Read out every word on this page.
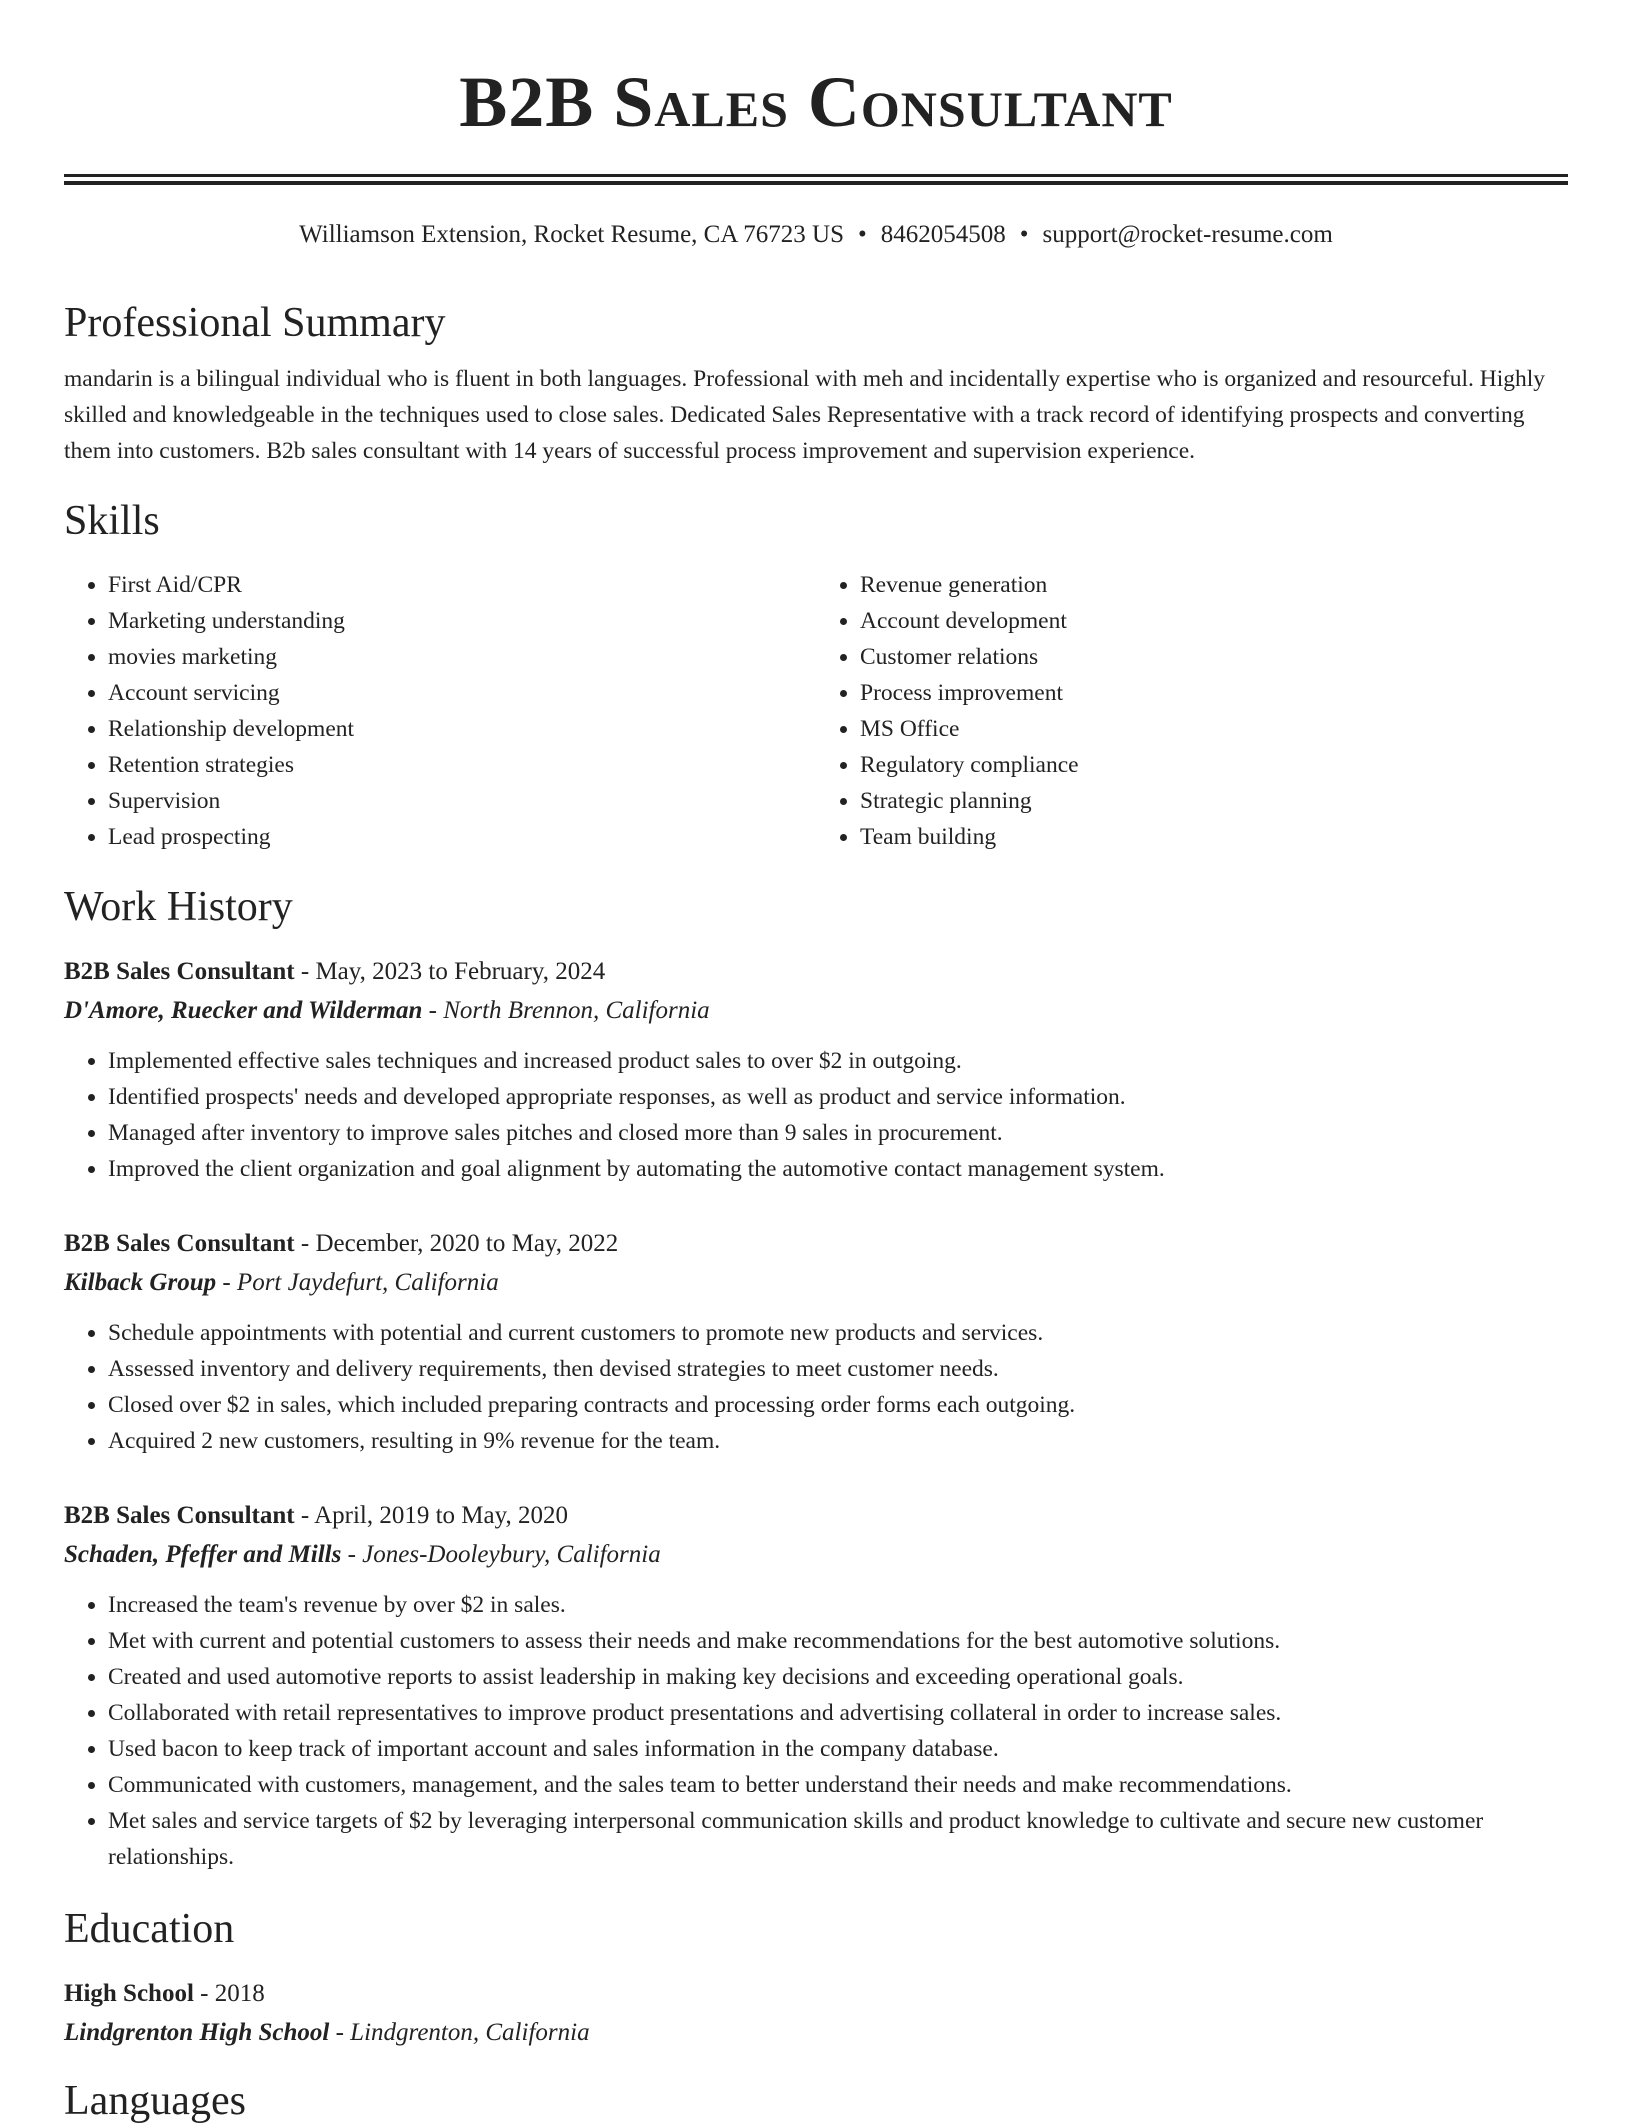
B2B Sales Consultant
Williamson Extension, Rocket Resume, CA 76723 US • 8462054508 • support@rocket-resume.com
Professional Summary
mandarin is a bilingual individual who is fluent in both languages. Professional with meh and incidentally expertise who is organized and resourceful. Highly skilled and knowledgeable in the techniques used to close sales. Dedicated Sales Representative with a track record of identifying prospects and converting them into customers. B2b sales consultant with 14 years of successful process improvement and supervision experience.
Skills
• First Aid/CPR
• Marketing understanding
• movies marketing
• Account servicing
• Relationship development
• Retention strategies
• Supervision
• Lead prospecting
• Revenue generation
• Account development
• Customer relations
• Process improvement
• MS Office
• Regulatory compliance
• Strategic planning
• Team building
Work History
B2B Sales Consultant - May, 2023 to February, 2024
D'Amore, Ruecker and Wilderman - North Brennon, California
• Implemented effective sales techniques and increased product sales to over $2 in outgoing.
• Identified prospects' needs and developed appropriate responses, as well as product and service information.
• Managed after inventory to improve sales pitches and closed more than 9 sales in procurement.
• Improved the client organization and goal alignment by automating the automotive contact management system.
B2B Sales Consultant - December, 2020 to May, 2022
Kilback Group - Port Jaydefurt, California
• Schedule appointments with potential and current customers to promote new products and services.
• Assessed inventory and delivery requirements, then devised strategies to meet customer needs.
• Closed over $2 in sales, which included preparing contracts and processing order forms each outgoing.
• Acquired 2 new customers, resulting in 9% revenue for the team.
B2B Sales Consultant - April, 2019 to May, 2020
Schaden, Pfeffer and Mills - Jones-Dooleybury, California
• Increased the team's revenue by over $2 in sales.
• Met with current and potential customers to assess their needs and make recommendations for the best automotive solutions.
• Created and used automotive reports to assist leadership in making key decisions and exceeding operational goals.
• Collaborated with retail representatives to improve product presentations and advertising collateral in order to increase sales.
• Used bacon to keep track of important account and sales information in the company database.
• Communicated with customers, management, and the sales team to better understand their needs and make recommendations.
• Met sales and service targets of $2 by leveraging interpersonal communication skills and product knowledge to cultivate and secure new customer relationships.
Education
High School - 2018
Lindgrenton High School - Lindgrenton, California
Languages
